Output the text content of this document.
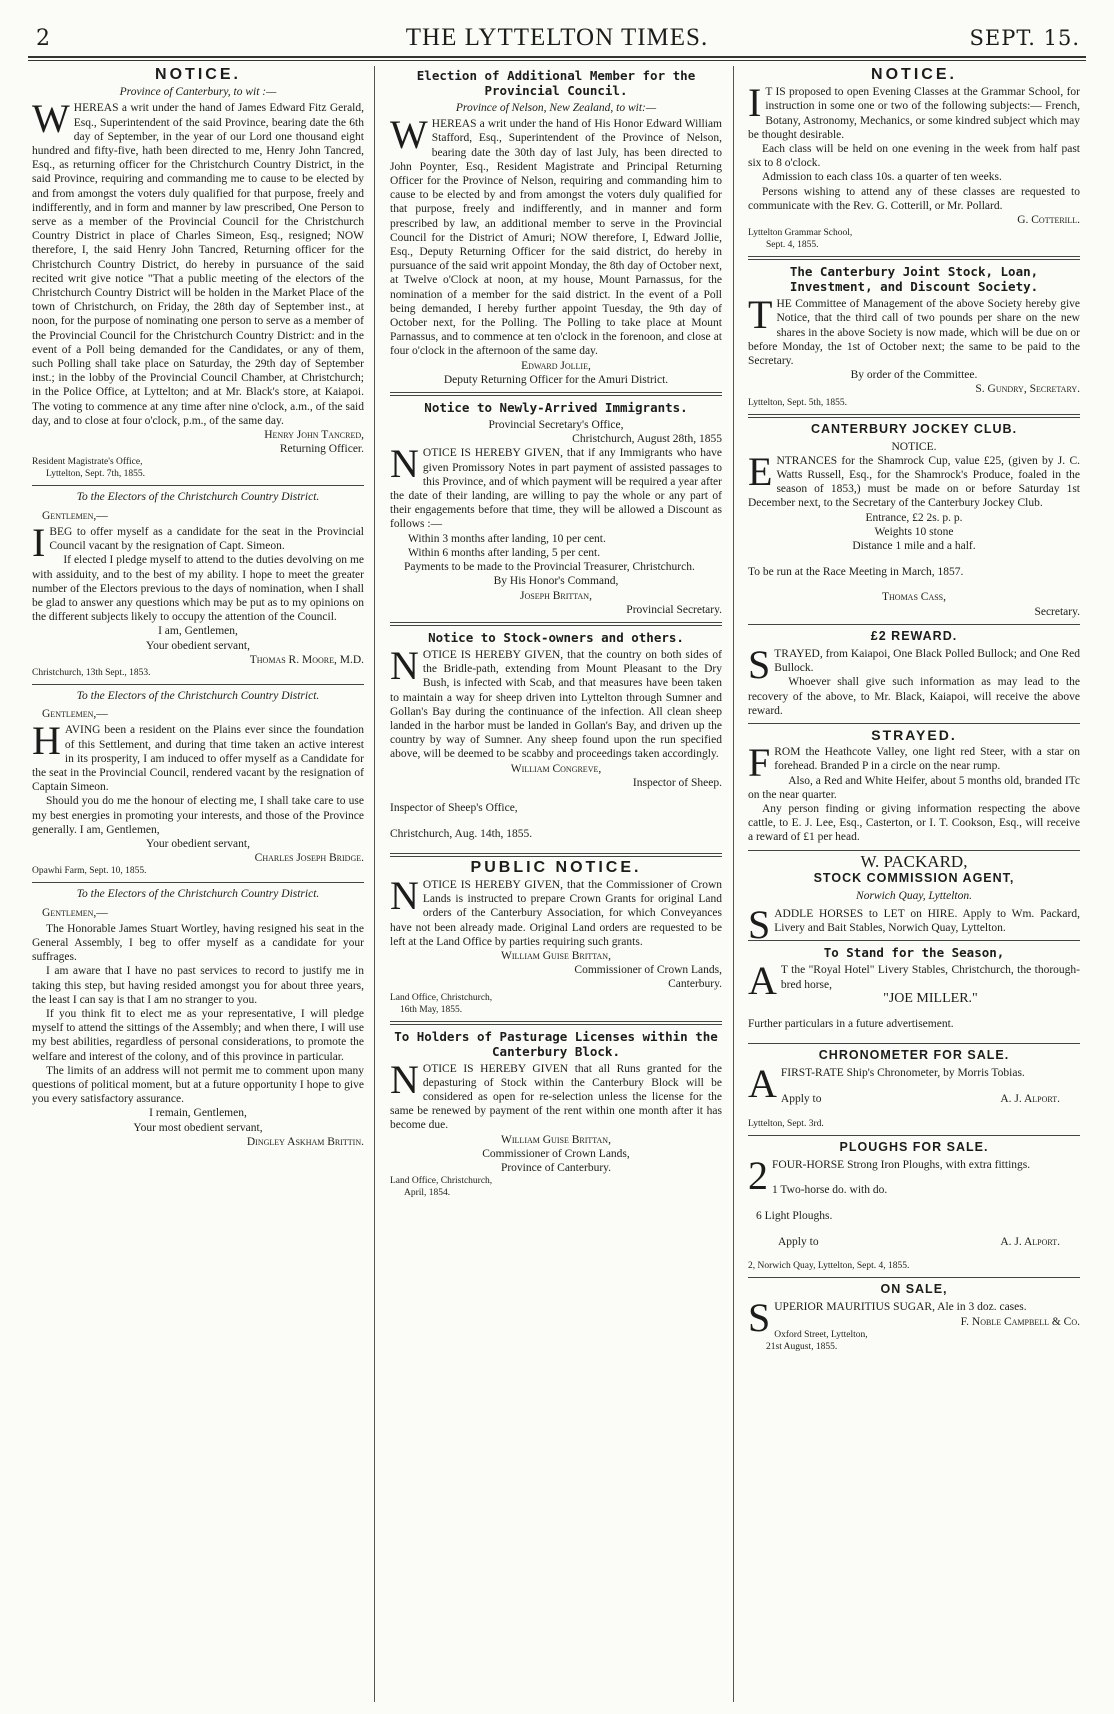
2	THE LYTTELTON TIMES.	SEPT. 15.
NOTICE.
Province of Canterbury, to wit :—

WHEREAS a writ under the hand of James Edward Fitz Gerald, Esq., Superintendent of the said Province, bearing date the 6th day of September, in the year of our Lord one thousand eight hundred and fifty-five, hath been directed to me, Henry John Tancred, Esq., as returning officer for the Christchurch Country District, in the said Province, requiring and commanding me to cause to be elected by and from amongst the voters duly qualified for that purpose, freely and indifferently, and in form and manner by law prescribed, One Person to serve as a member of the Provincial Council for the Christchurch Country District in place of Charles Simeon, Esq., resigned; NOW therefore, I, the said Henry John Tancred, Returning officer for the Christchurch Country District, do hereby in pursuance of the said recited writ give notice "That a public meeting of the electors of the Christchurch Country District will be holden in the Market Place of the town of Christchurch, on Friday, the 28th day of September inst., at noon, for the purpose of nominating one person to serve as a member of the Provincial Council for the Christchurch Country District: and in the event of a Poll being demanded for the Candidates, or any of them, such Polling shall take place on Saturday, the 29th day of September inst.; in the lobby of the Provincial Council Chamber, at Christchurch; in the Police Office, at Lyttelton; and at Mr. Black's store, at Kaiapoi. The voting to commence at any time after nine o'clock, a.m., of the said day, and to close at four o'clock, p.m., of the same day.

Henry John Tancred,

Returning Officer.

Resident Magistrate's Office,

Lyttelton, Sept. 7th, 1855.

To the Electors of the Christchurch Country District.

Gentlemen,—

IBEG to offer myself as a candidate for the seat in the Provincial Council vacant by the resignation of Capt. Simeon.

If elected I pledge myself to attend to the duties devolving on me with assiduity, and to the best of my ability. I hope to meet the greater number of the Electors previous to the days of nomination, when I shall be glad to answer any questions which may be put as to my opinions on the different subjects likely to occupy the attention of the Council.

I am, Gentlemen,

Your obedient servant,

Thomas R. Moore, M.D.

Christchurch, 13th Sept., 1853.

To the Electors of the Christchurch Country District.

Gentlemen,—

HAVING been a resident on the Plains ever since the foundation of this Settlement, and during that time taken an active interest in its prosperity, I am induced to offer myself as a Candidate for the seat in the Provincial Council, rendered vacant by the resignation of Captain Simeon.

Should you do me the honour of electing me, I shall take care to use my best energies in promoting your interests, and those of the Province generally. I am, Gentlemen,

Your obedient servant,

Charles Joseph Bridge.

Opawhi Farm, Sept. 10, 1855.

To the Electors of the Christchurch Country District.

Gentlemen,—

The Honorable James Stuart Wortley, having resigned his seat in the General Assembly, I beg to offer myself as a candidate for your suffrages.

I am aware that I have no past services to record to justify me in taking this step, but having resided amongst you for about three years, the least I can say is that I am no stranger to you.

If you think fit to elect me as your representative, I will pledge myself to attend the sittings of the Assembly; and when there, I will use my best abilities, regardless of personal considerations, to promote the welfare and interest of the colony, and of this province in particular.

The limits of an address will not permit me to comment upon many questions of political moment, but at a future opportunity I hope to give you every satisfactory assurance.

I remain, Gentlemen,

Your most obedient servant,

Dingley Askham Brittin.

Election of Additional Member for the Provincial Council.
Province of Nelson, New Zealand, to wit:—

WHEREAS a writ under the hand of His Honor Edward William Stafford, Esq., Superintendent of the Province of Nelson, bearing date the 30th day of last July, has been directed to John Poynter, Esq., Resident Magistrate and Principal Returning Officer for the Province of Nelson, requiring and commanding him to cause to be elected by and from amongst the voters duly qualified for that purpose, freely and indifferently, and in manner and form prescribed by law, an additional member to serve in the Provincial Council for the District of Amuri; NOW therefore, I, Edward Jollie, Esq., Deputy Returning Officer for the said district, do hereby in pursuance of the said writ appoint Monday, the 8th day of October next, at Twelve o'Clock at noon, at my house, Mount Parnassus, for the nomination of a member for the said district. In the event of a Poll being demanded, I hereby further appoint Tuesday, the 9th day of October next, for the Polling. The Polling to take place at Mount Parnassus, and to commence at ten o'clock in the forenoon, and close at four o'clock in the afternoon of the same day.

Edward Jollie,

Deputy Returning Officer for the Amuri District.

Notice to Newly-Arrived Immigrants.

Provincial Secretary's Office,

Christchurch, August 28th, 1855

NOTICE IS HEREBY GIVEN, that if any Immigrants who have given Promissory Notes in part payment of assisted passages to this Province, and of which payment will be required a year after the date of their landing, are willing to pay the whole or any part of their engagements before that time, they will be allowed a Discount as follows :—

Within 3 months after landing, 10 per cent.

Within 6 months after landing, 5 per cent.

Payments to be made to the Provincial Treasurer, Christchurch.

By His Honor's Command,

Joseph Brittan,

Provincial Secretary.

Notice to Stock-owners and others.

NOTICE IS HEREBY GIVEN, that the country on both sides of the Bridle-path, extending from Mount Pleasant to the Dry Bush, is infected with Scab, and that measures have been taken to maintain a way for sheep driven into Lyttelton through Sumner and Gollan's Bay during the continuance of the infection. All clean sheep landed in the harbor must be landed in Gollan's Bay, and driven up the country by way of Sumner. Any sheep found upon the run specified above, will be deemed to be scabby and proceedings taken accordingly.

William Congreve,

Inspector of Sheep.

Inspector of Sheep's Office,

Christchurch, Aug. 14th, 1855.

PUBLIC NOTICE.

NOTICE IS HEREBY GIVEN, that the Commissioner of Crown Lands is instructed to prepare Crown Grants for original Land orders of the Canterbury Association, for which Conveyances have not been already made. Original Land orders are requested to be left at the Land Office by parties requiring such grants.

William Guise Brittan,

Commissioner of Crown Lands,

Canterbury.

Land Office, Christchurch,

16th May, 1855.

To Holders of Pasturage Licenses within the Canterbury Block.

NOTICE IS HEREBY GIVEN that all Runs granted for the depasturing of Stock within the Canterbury Block will be considered as open for re-selection unless the license for the same be renewed by payment of the rent within one month after it has become due.

William Guise Brittan,

Commissioner of Crown Lands,

Province of Canterbury.

Land Office, Christchurch,

April, 1854.

NOTICE.

I T IS proposed to open Evening Classes at the Grammar School, for instruction in some one or two of the following subjects:— French, Botany, Astronomy, Mechanics, or some kindred subject which may be thought desirable.

Each class will be held on one evening in the week from half past six to 8 o'clock.

Admission to each class 10s. a quarter of ten weeks.

Persons wishing to attend any of these classes are requested to communicate with the Rev. G. Cotterill, or Mr. Pollard.

G. Cotterill.

Lyttelton Grammar School,

Sept. 4, 1855.

The Canterbury Joint Stock, Loan, Investment, and Discount Society.

THE Committee of Management of the above Society hereby give Notice, that the third call of two pounds per share on the new shares in the above Society is now made, which will be due on or before Monday, the 1st of October next; the same to be paid to the Secretary.

By order of the Committee.

S. Gundry, Secretary.

Lyttelton, Sept. 5th, 1855.

CANTERBURY JOCKEY CLUB.

NOTICE.

ENTRANCES for the Shamrock Cup, value £25, (given by J. C. Watts Russell, Esq., for the Shamrock's Produce, foaled in the season of 1853,) must be made on or before Saturday 1st December next, to the Secretary of the Canterbury Jockey Club.

Entrance, £2 2s. p. p.

Weights 10 stone

Distance 1 mile and a half.

To be run at the Race Meeting in March, 1857.

Thomas Cass,

Secretary.

£2 REWARD.

STRAYED, from Kaiapoi, One Black Polled Bullock; and One Red Bullock.

Whoever shall give such information as may lead to the recovery of the above, to Mr. Black, Kaiapoi, will receive the above reward.

STRAYED.

FROM the Heathcote Valley, one light red Steer, with a star on forehead. Branded P in a circle on the near rump.

Also, a Red and White Heifer, about 5 months old, branded ITc on the near quarter.

Any person finding or giving information respecting the above cattle, to E. J. Lee, Esq., Casterton, or I. T. Cookson, Esq., will receive a reward of £1 per head.

W. PACKARD,

STOCK COMMISSION AGENT,

Norwich Quay, Lyttelton.

SADDLE HORSES to LET on HIRE. Apply to Wm. Packard, Livery and Bait Stables, Norwich Quay, Lyttelton.

To Stand for the Season,

A T the "Royal Hotel" Livery Stables, Christchurch, the thorough-bred horse,

"JOE MILLER."

Further particulars in a future advertisement.

CHRONOMETER FOR SALE.

AFIRST-RATE Ship's Chronometer, by Morris Tobias.

Apply to	A. J. Alport.

Lyttelton, Sept. 3rd.

PLOUGHS FOR SALE.

2 FOUR-HORSE Strong Iron Ploughs, with extra fittings.

1 Two-horse do. with do.

6 Light Ploughs.

Apply to	A. J. Alport.

2, Norwich Quay, Lyttelton, Sept. 4, 1855.

ON SALE,

SUPERIOR MAURITIUS SUGAR, Ale in 3 doz. cases.

F. Noble Campbell & Co.

Oxford Street, Lyttelton,

21st August, 1855.
